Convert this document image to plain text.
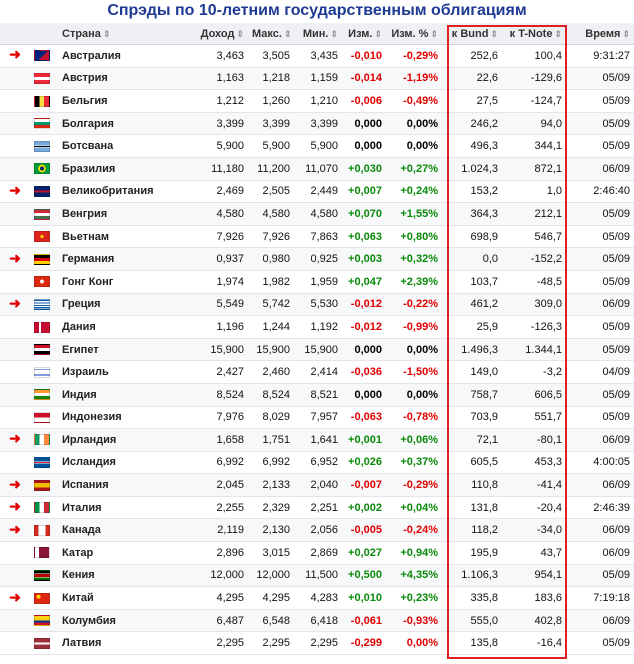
Спрэды по 10-летним государственным облигациям
		Страна ⇕	Доход ⇕	Макс. ⇕	Мин. ⇕	Изм. ⇕	Изм. % ⇕	к Bund ⇕	к T-Note ⇕	Время ⇕
➜		Австралия	3,463	3,505	3,435	-0,010	-0,29%	252,6	100,4	9:31:27
		Австрия	1,163	1,218	1,159	-0,014	-1,19%	22,6	-129,6	05/09
		Бельгия	1,212	1,260	1,210	-0,006	-0,49%	27,5	-124,7	05/09
		Болгария	3,399	3,399	3,399	0,000	0,00%	246,2	94,0	05/09
		Ботсвана	5,900	5,900	5,900	0,000	0,00%	496,3	344,1	05/09
		Бразилия	11,180	11,200	11,070	+0,030	+0,27%	1.024,3	872,1	06/09
➜		Великобритания	2,469	2,505	2,449	+0,007	+0,24%	153,2	1,0	2:46:40
		Венгрия	4,580	4,580	4,580	+0,070	+1,55%	364,3	212,1	05/09
		Вьетнам	7,926	7,926	7,863	+0,063	+0,80%	698,9	546,7	05/09
➜		Германия	0,937	0,980	0,925	+0,003	+0,32%	0,0	-152,2	05/09
		Гонг Конг	1,974	1,982	1,959	+0,047	+2,39%	103,7	-48,5	05/09
➜		Греция	5,549	5,742	5,530	-0,012	-0,22%	461,2	309,0	06/09
		Дания	1,196	1,244	1,192	-0,012	-0,99%	25,9	-126,3	05/09
		Египет	15,900	15,900	15,900	0,000	0,00%	1.496,3	1.344,1	05/09
		Израиль	2,427	2,460	2,414	-0,036	-1,50%	149,0	-3,2	04/09
		Индия	8,524	8,524	8,521	0,000	0,00%	758,7	606,5	05/09
		Индонезия	7,976	8,029	7,957	-0,063	-0,78%	703,9	551,7	05/09
➜		Ирландия	1,658	1,751	1,641	+0,001	+0,06%	72,1	-80,1	06/09
		Исландия	6,992	6,992	6,952	+0,026	+0,37%	605,5	453,3	4:00:05
➜		Испания	2,045	2,133	2,040	-0,007	-0,29%	110,8	-41,4	06/09
➜		Италия	2,255	2,329	2,251	+0,002	+0,04%	131,8	-20,4	2:46:39
➜		Канада	2,119	2,130	2,056	-0,005	-0,24%	118,2	-34,0	06/09
		Катар	2,896	3,015	2,869	+0,027	+0,94%	195,9	43,7	06/09
		Кения	12,000	12,000	11,500	+0,500	+4,35%	1.106,3	954,1	05/09
➜		Китай	4,295	4,295	4,283	+0,010	+0,23%	335,8	183,6	7:19:18
		Колумбия	6,487	6,548	6,418	-0,061	-0,93%	555,0	402,8	06/09
		Латвия	2,295	2,295	2,295	-0,299	0,00%	135,8	-16,4	05/09
